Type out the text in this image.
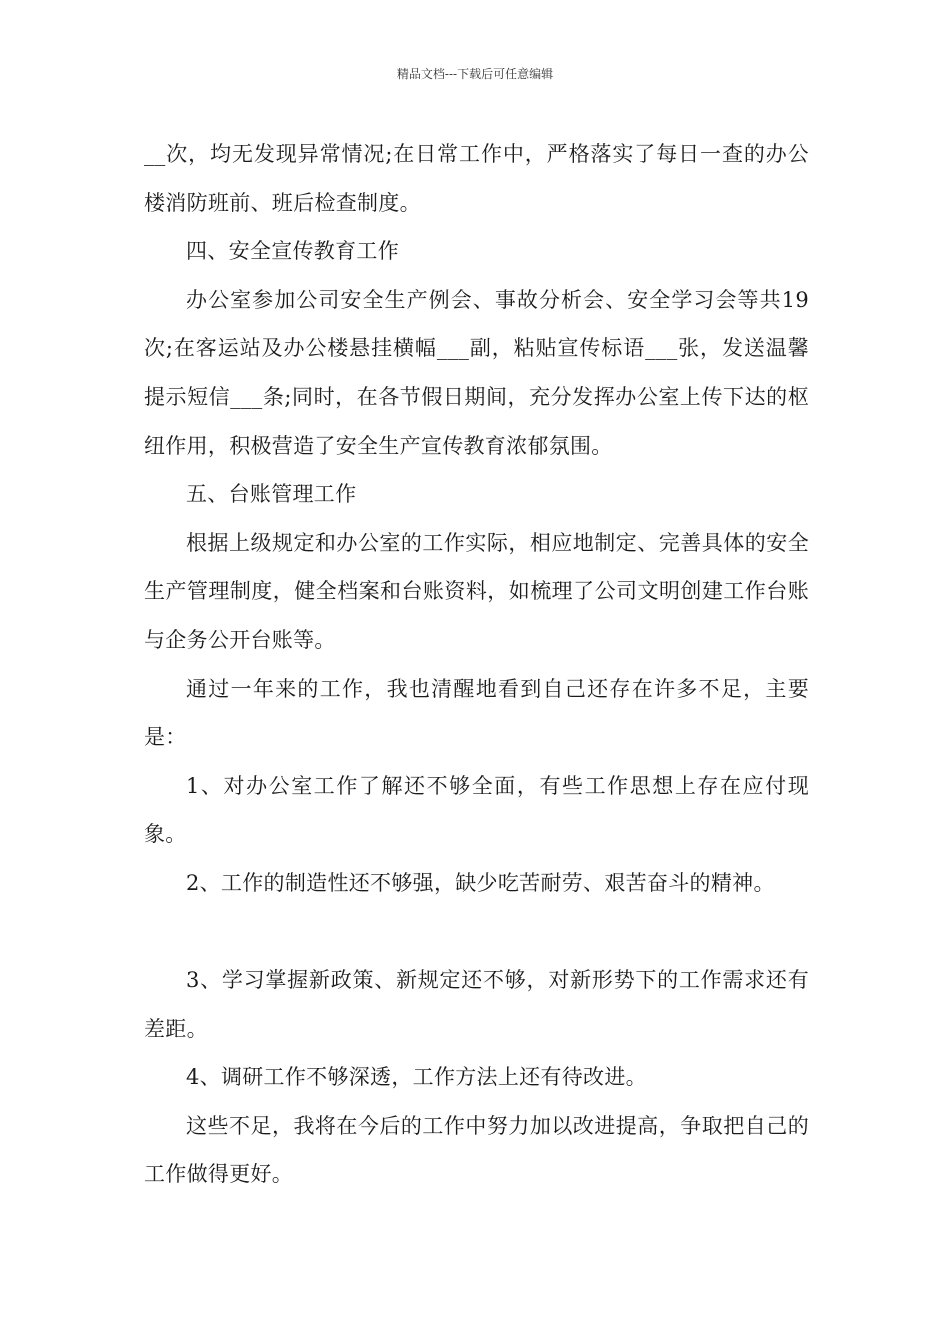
精品文档---下载后可任意编辑

__次，均无发现异常情况;在日常工作中，严格落实了每日一查的办公楼消防班前、班后检查制度。

四、安全宣传教育工作

办公室参加公司安全生产例会、事故分析会、安全学习会等共19次;在客运站及办公楼悬挂横幅___副，粘贴宣传标语___张，发送温馨提示短信___条;同时，在各节假日期间，充分发挥办公室上传下达的枢纽作用，积极营造了安全生产宣传教育浓郁氛围。

五、台账管理工作

根据上级规定和办公室的工作实际，相应地制定、完善具体的安全生产管理制度，健全档案和台账资料，如梳理了公司文明创建工作台账与企务公开台账等。

通过一年来的工作，我也清醒地看到自己还存在许多不足，主要是：

1、对办公室工作了解还不够全面，有些工作思想上存在应付现象。

2、工作的制造性还不够强，缺少吃苦耐劳、艰苦奋斗的精神。

3、学习掌握新政策、新规定还不够，对新形势下的工作需求还有差距。

4、调研工作不够深透，工作方法上还有待改进。

这些不足，我将在今后的工作中努力加以改进提高，争取把自己的工作做得更好。
